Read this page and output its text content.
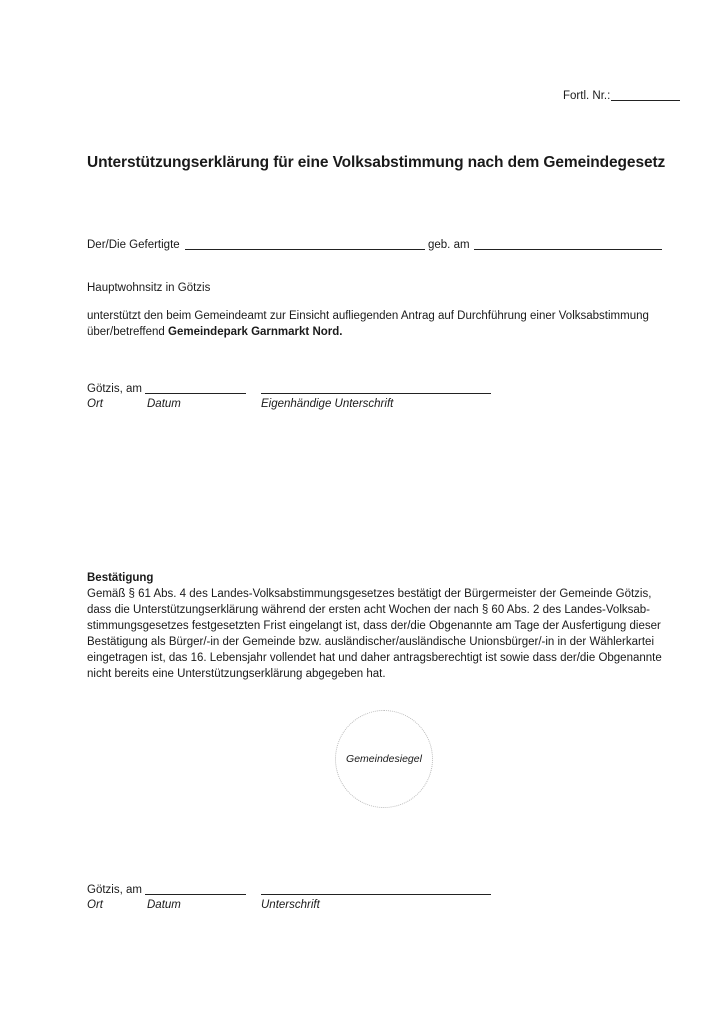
Fortl. Nr.:
Unterstützungserklärung für eine Volksabstimmung nach dem Gemeindegesetz
Der/Die Gefertigte	geb. am
Hauptwohnsitz in Götzis
unterstützt den beim Gemeindeamt zur Einsicht aufliegenden Antrag auf Durchführung einer Volksabstimmung
über/betreffend Gemeindepark Garnmarkt Nord.
Götzis, am
Ort	Datum	Eigenhändige Unterschrift
Bestätigung
Gemäß § 61 Abs. 4 des Landes-Volksabstimmungsgesetzes bestätigt der Bürgermeister der Gemeinde Götzis,
dass die Unterstützungserklärung während der ersten acht Wochen der nach § 60 Abs. 2 des Landes-Volksab-
stimmungsgesetzes festgesetzten Frist eingelangt ist, dass der/die Obgenannte am Tage der Ausfertigung dieser
Bestätigung als Bürger/-in der Gemeinde bzw. ausländischer/ausländische Unionsbürger/-in in der Wählerkartei
eingetragen ist, das 16. Lebensjahr vollendet hat und daher antragsberechtigt ist sowie dass der/die Obgenannte
nicht bereits eine Unterstützungserklärung abgegeben hat.
Gemeindesiegel
Götzis, am
Ort	Datum	Unterschrift
